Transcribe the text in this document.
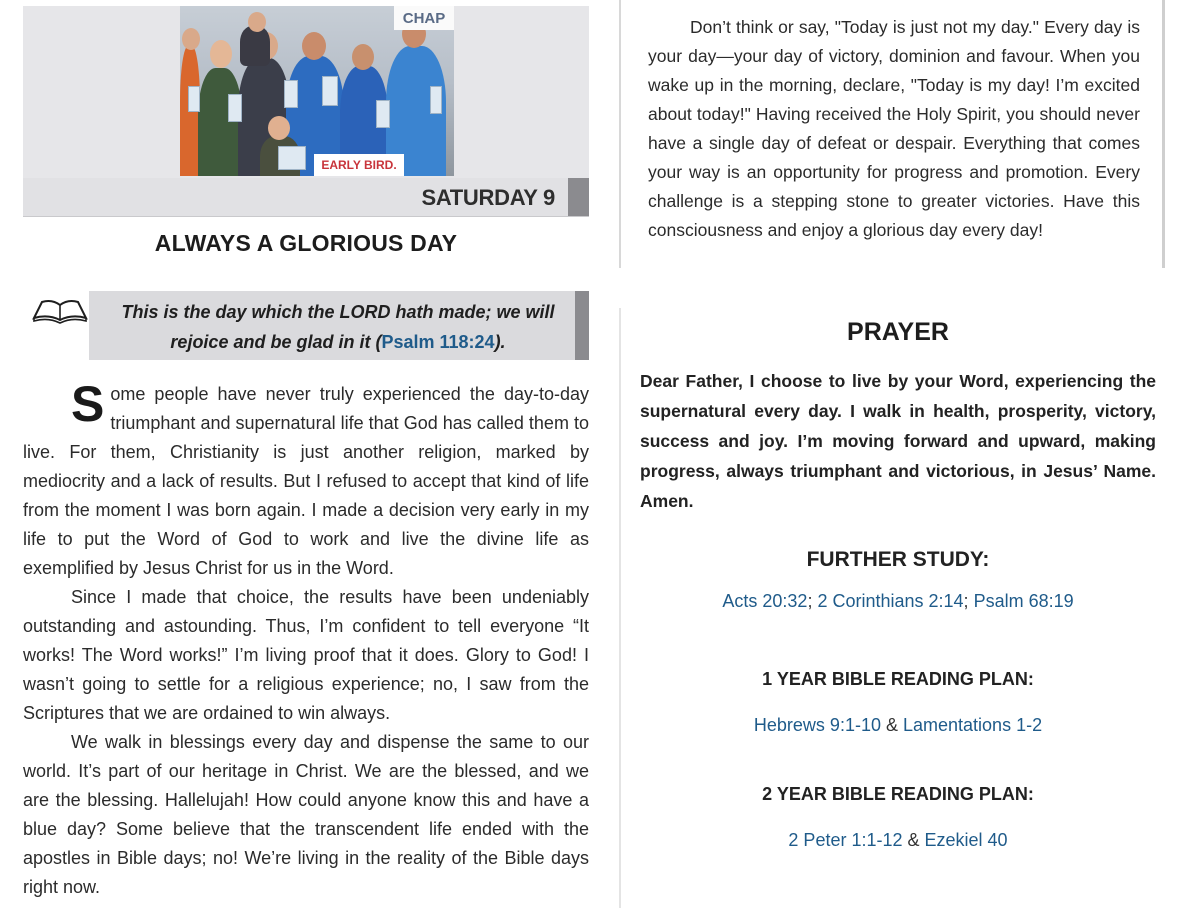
CHAP
EARLY BIRD.
SATURDAY 9
ALWAYS A GLORIOUS DAY
This is the day which the LORD hath made; we will
rejoice and be glad in it (Psalm 118:24).

Some people have never truly experienced the day-to-day triumphant and supernatural life that God has called them to live. For them, Christianity is just another religion, marked by mediocrity and a lack of results. But I refused to accept that kind of life from the moment I was born again. I made a decision very early in my life to put the Word of God to work and live the divine life as exemplified by Jesus Christ for us in the Word.

Since I made that choice, the results have been undeniably outstanding and astounding. Thus, I’m confident to tell everyone “It works! The Word works!” I’m living proof that it does. Glory to God! I wasn’t going to settle for a religious experience; no, I saw from the Scriptures that we are ordained to win always.

We walk in blessings every day and dispense the same to our world. It’s part of our heritage in Christ. We are the blessed, and we are the blessing. Hallelujah! How could anyone know this and have a blue day? Some believe that the transcendent life ended with the apostles in Bible days; no! We’re living in the reality of the Bible days right now.

Don’t think or say, "Today is just not my day." Every day is your day—your day of victory, dominion and favour. When you wake up in the morning, declare, "Today is my day! I’m excited about today!" Having received the Holy Spirit, you should never have a single day of defeat or despair. Everything that comes your way is an opportunity for progress and promotion. Every challenge is a stepping stone to greater victories. Have this consciousness and enjoy a glorious day every day!

PRAYER
Dear Father, I choose to live by your Word, experiencing the supernatural every day. I walk in health, prosperity, victory, success and joy. I’m moving forward and upward, making progress, always triumphant and victorious, in Jesus’ Name. Amen.
FURTHER STUDY:
Acts 20:32; 2 Corinthians 2:14; Psalm 68:19
1 YEAR BIBLE READING PLAN:
Hebrews 9:1-10 & Lamentations 1-2
2 YEAR BIBLE READING PLAN:
2 Peter 1:1-12 & Ezekiel 40
